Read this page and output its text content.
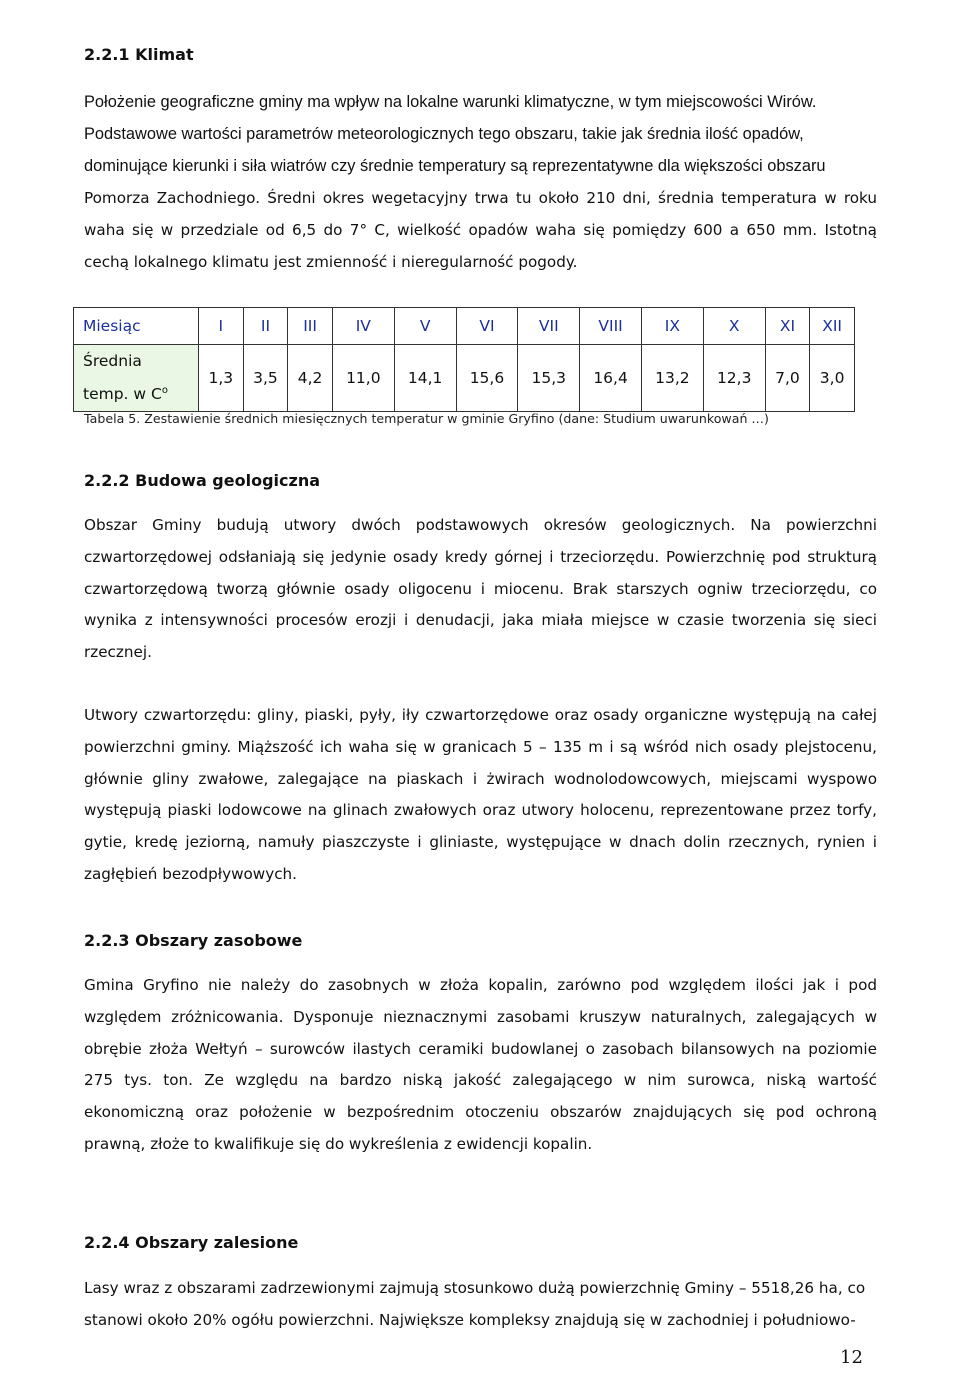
2.2.1 Klimat

Położenie geograficzne gminy ma wpływ na lokalne warunki klimatyczne, w tym miejscowości Wirów. Podstawowe wartości parametrów meteorologicznych tego obszaru, takie jak średnia ilość opadów, dominujące kierunki i siła wiatrów czy średnie temperatury są reprezentatywne dla większości obszaru

Pomorza Zachodniego. Średni okres wegetacyjny trwa tu około 210 dni, średnia temperatura w roku waha się w przedziale od 6,5 do 7° C, wielkość opadów waha się pomiędzy 600 a 650 mm. Istotną cechą lokalnego klimatu jest zmienność i nieregularność pogody.

Miesiąc	I	II	III	IV	V	VI	VII	VIII	IX	X	XI	XII
Średnia
temp. w $C^o$	1,3	3,5	4,2	11,0	14,1	15,6	15,3	16,4	13,2	12,3	7,0	3,0

Tabela 5. Zestawienie średnich miesięcznych temperatur w gminie Gryfino (dane: Studium uwarunkowań …)

2.2.2 Budowa geologiczna

Obszar Gminy budują utwory dwóch podstawowych okresów geologicznych. Na powierzchni czwartorzędowej odsłaniają się jedynie osady kredy górnej i trzeciorzędu. Powierzchnię pod strukturą czwartorzędową tworzą głównie osady oligocenu i miocenu. Brak starszych ogniw trzeciorzędu, co wynika z intensywności procesów erozji i denudacji, jaka miała miejsce w czasie tworzenia się sieci rzecznej.

Utwory czwartorzędu: gliny, piaski, pyły, iły czwartorzędowe oraz osady organiczne występują na całej powierzchni gminy. Miąższość ich waha się w granicach 5 – 135 m i są wśród nich osady plejstocenu, głównie gliny zwałowe, zalegające na piaskach i żwirach wodnolodowcowych, miejscami wyspowo występują piaski lodowcowe na glinach zwałowych oraz utwory holocenu, reprezentowane przez torfy, gytie, kredę jeziorną, namuły piaszczyste i gliniaste, występujące w dnach dolin rzecznych, rynien i zagłębień bezodpływowych.

2.2.3 Obszary zasobowe

Gmina Gryfino nie należy do zasobnych w złoża kopalin, zarówno pod względem ilości jak i pod względem zróżnicowania. Dysponuje nieznacznymi zasobami kruszyw naturalnych, zalegających w obrębie złoża Wełtyń – surowców ilastych ceramiki budowlanej o zasobach bilansowych na poziomie 275 tys. ton. Ze względu na bardzo niską jakość zalegającego w nim surowca, niską wartość ekonomiczną oraz położenie w bezpośrednim otoczeniu obszarów znajdujących się pod ochroną prawną, złoże to kwalifikuje się do wykreślenia z ewidencji kopalin.

2.2.4 Obszary zalesione

Lasy wraz z obszarami zadrzewionymi zajmują stosunkowo dużą powierzchnię Gminy – 5518,26 ha, co stanowi około 20% ogółu powierzchni. Największe kompleksy znajdują się w zachodniej i południowo-

12
